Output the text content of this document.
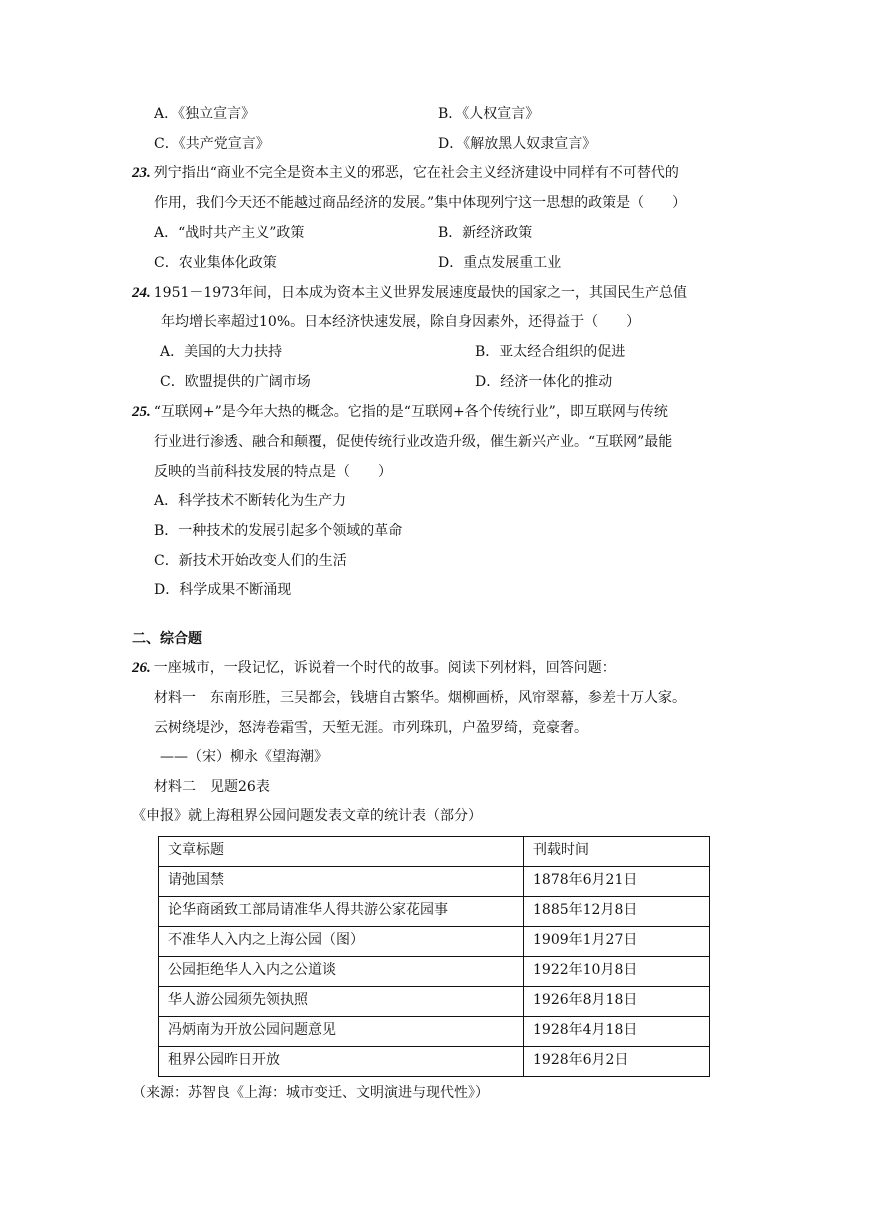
A．《独立宣言》	B．《人权宣言》
C．《共产党宣言》	D．《解放黑人奴隶宣言》
23. 列宁指出“商业不完全是资本主义的邪恶，它在社会主义经济建设中同样有不可替代的
作用，我们今天还不能越过商品经济的发展。”集中体现列宁这一思想的政策是（　　）
A．“战时共产主义”政策	B．新经济政策
C．农业集体化政策	D．重点发展重工业
24. 1951－1973年间，日本成为资本主义世界发展速度最快的国家之一，其国民生产总值
年均增长率超过10%。日本经济快速发展，除自身因素外，还得益于（　　）
A．美国的大力扶持	B．亚太经合组织的促进
C．欧盟提供的广阔市场	D．经济一体化的推动
25. “互联网+”是今年大热的概念。它指的是“互联网+各个传统行业”，即互联网与传统
行业进行渗透、融合和颠覆，促使传统行业改造升级，催生新兴产业。“互联网”最能
反映的当前科技发展的特点是（　　）
A．科学技术不断转化为生产力
B．一种技术的发展引起多个领域的革命
C．新技术开始改变人们的生活
D．科学成果不断涌现
二、综合题
26. 一座城市，一段记忆，诉说着一个时代的故事。阅读下列材料，回答问题：
材料一　东南形胜，三吴都会，钱塘自古繁华。烟柳画桥，风帘翠幕，参差十万人家。
云树绕堤沙，怒涛卷霜雪，天堑无涯。市列珠玑，户盈罗绮，竞豪奢。
——（宋）柳永《望海潮》
材料二　见题26表
《申报》就上海租界公园问题发表文章的统计表（部分）
文章标题	刊载时间
请弛国禁	1878年6月21日
论华商函致工部局请准华人得共游公家花园事	1885年12月8日
不准华人入内之上海公园（图）	1909年1月27日
公园拒绝华人入内之公道谈	1922年10月8日
华人游公园须先领执照	1926年8月18日
冯炳南为开放公园问题意见	1928年4月18日
租界公园昨日开放	1928年6月2日
（来源：苏智良《上海：城市变迁、文明演进与现代性》）
